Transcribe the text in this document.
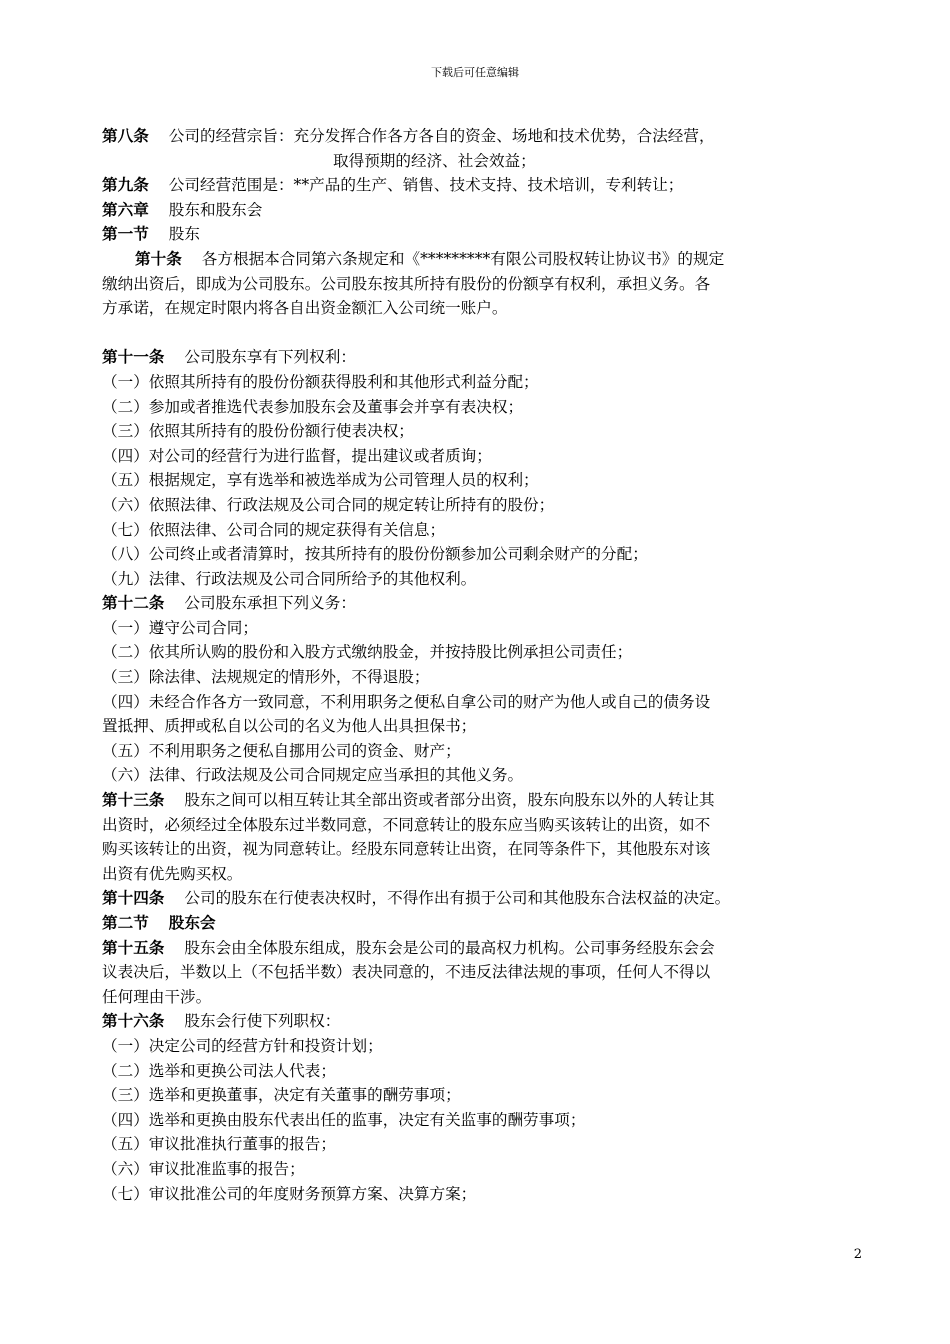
下载后可任意编辑
第八条 公司的经营宗旨：充分发挥合作各方各自的资金、场地和技术优势，合法经营，
取得预期的经济、社会效益；
第九条 公司经营范围是：**产品的生产、销售、技术支持、技术培训，专利转让；
第六章 股东和股东会
第一节 股东
第十条 各方根据本合同第六条规定和《*********有限公司股权转让协议书》的规定
缴纳出资后，即成为公司股东。公司股东按其所持有股份的份额享有权利，承担义务。各
方承诺，在规定时限内将各自出资金额汇入公司统一账户。
第十一条 公司股东享有下列权利：
（一）依照其所持有的股份份额获得股利和其他形式利益分配；
（二）参加或者推选代表参加股东会及董事会并享有表决权；
（三）依照其所持有的股份份额行使表决权；
（四）对公司的经营行为进行监督，提出建议或者质询；
（五）根据规定，享有选举和被选举成为公司管理人员的权利；
（六）依照法律、行政法规及公司合同的规定转让所持有的股份；
（七）依照法律、公司合同的规定获得有关信息；
（八）公司终止或者清算时，按其所持有的股份份额参加公司剩余财产的分配；
（九）法律、行政法规及公司合同所给予的其他权利。
第十二条 公司股东承担下列义务：
（一）遵守公司合同；
（二）依其所认购的股份和入股方式缴纳股金，并按持股比例承担公司责任；
（三）除法律、法规规定的情形外，不得退股；
（四）未经合作各方一致同意，不利用职务之便私自拿公司的财产为他人或自己的债务设
置抵押、质押或私自以公司的名义为他人出具担保书；
（五）不利用职务之便私自挪用公司的资金、财产；
（六）法律、行政法规及公司合同规定应当承担的其他义务。
第十三条 股东之间可以相互转让其全部出资或者部分出资，股东向股东以外的人转让其
出资时，必须经过全体股东过半数同意，不同意转让的股东应当购买该转让的出资，如不
购买该转让的出资，视为同意转让。经股东同意转让出资，在同等条件下，其他股东对该
出资有优先购买权。
第十四条 公司的股东在行使表决权时，不得作出有损于公司和其他股东合法权益的决定。
第二节 股东会
第十五条 股东会由全体股东组成，股东会是公司的最高权力机构。公司事务经股东会会
议表决后，半数以上（不包括半数）表决同意的，不违反法律法规的事项，任何人不得以
任何理由干涉。
第十六条 股东会行使下列职权：
（一）决定公司的经营方针和投资计划；
（二）选举和更换公司法人代表；
（三）选举和更换董事，决定有关董事的酬劳事项；
（四）选举和更换由股东代表出任的监事，决定有关监事的酬劳事项；
（五）审议批准执行董事的报告；
（六）审议批准监事的报告；
（七）审议批准公司的年度财务预算方案、决算方案；
2
